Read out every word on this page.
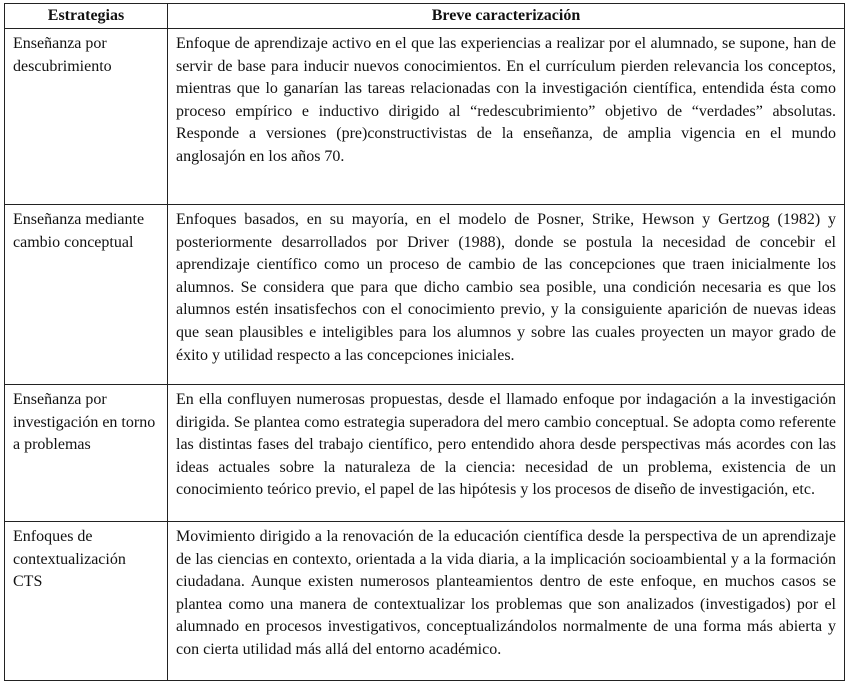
Estrategias	Breve caracterización
Enseñanza por descubrimiento	Enfoque de aprendizaje activo en el que las experiencias a realizar por el alumnado, se supone, han de servir de base para inducir nuevos conocimientos. En el currículum pierden relevancia los conceptos, mientras que lo ganarían las tareas relacionadas con la investigación científica, entendida ésta como proceso empírico e inductivo dirigido al “redescubrimiento” objetivo de “verdades” absolutas. Responde a versiones (pre)constructivistas de la enseñanza, de amplia vigencia en el mundo anglosajón en los años 70.
Enseñanza mediante cambio conceptual	Enfoques basados, en su mayoría, en el modelo de Posner, Strike, Hewson y Gertzog (1982) y posteriormente desarrollados por Driver (1988), donde se postula la necesidad de concebir el aprendizaje científico como un proceso de cambio de las concepciones que traen inicialmente los alumnos. Se considera que para que dicho cambio sea posible, una condición necesaria es que los alumnos estén insatisfechos con el conocimiento previo, y la consiguiente aparición de nuevas ideas que sean plausibles e inteligibles para los alumnos y sobre las cuales proyecten un mayor grado de éxito y utilidad respecto a las concepciones iniciales.
Enseñanza por investigación en torno a problemas	En ella confluyen numerosas propuestas, desde el llamado enfoque por indagación a la investigación dirigida. Se plantea como estrategia superadora del mero cambio conceptual. Se adopta como referente las distintas fases del trabajo científico, pero entendido ahora desde perspectivas más acordes con las ideas actuales sobre la naturaleza de la ciencia: necesidad de un problema, existencia de un conocimiento teórico previo, el papel de las hipótesis y los procesos de diseño de investigación, etc.
Enfoques de contextualización CTS	Movimiento dirigido a la renovación de la educación científica desde la perspectiva de un aprendizaje de las ciencias en contexto, orientada a la vida diaria, a la implicación socioambiental y a la formación ciudadana. Aunque existen numerosos planteamientos dentro de este enfoque, en muchos casos se plantea como una manera de contextualizar los problemas que son analizados (investigados) por el alumnado en procesos investigativos, conceptualizándolos normalmente de una forma más abierta y con cierta utilidad más allá del entorno académico.
